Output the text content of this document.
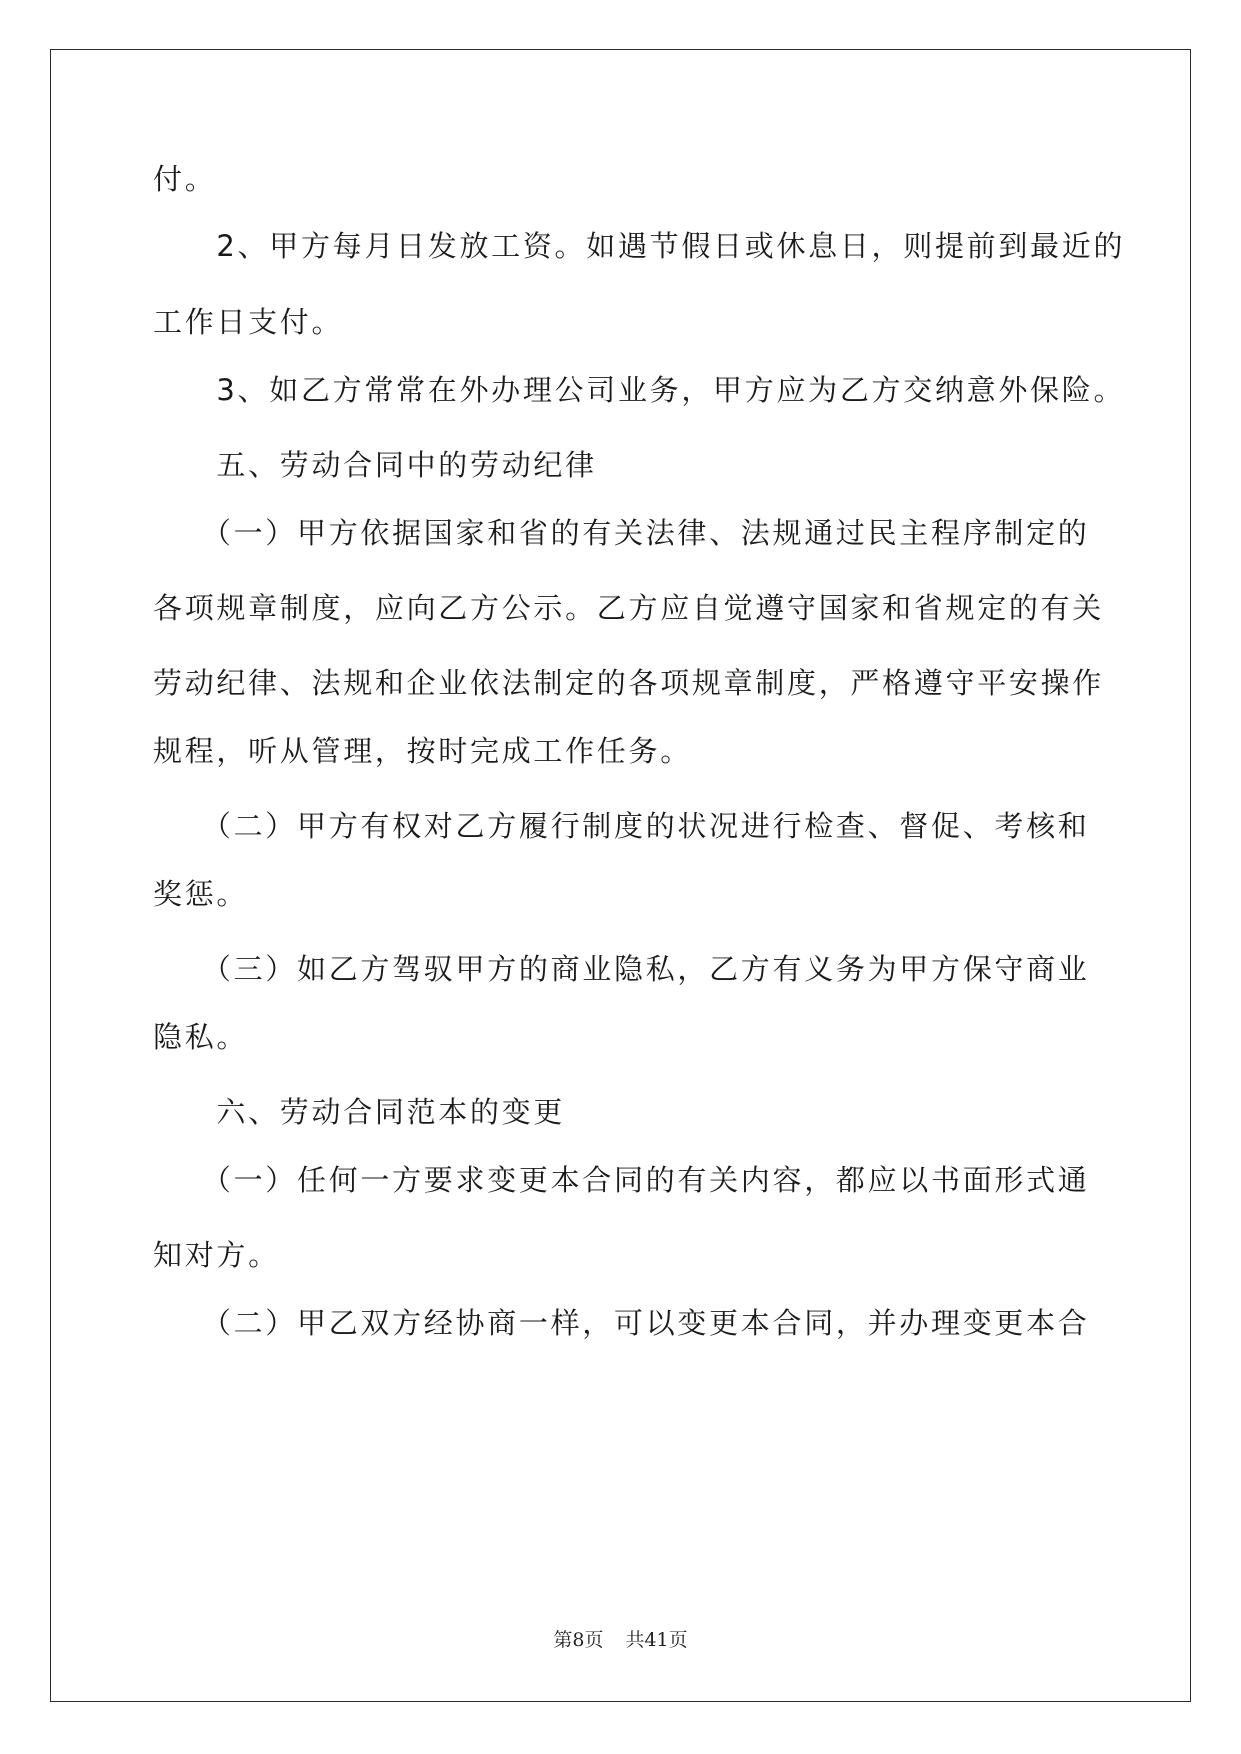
付。
　　2、甲方每月日发放工资。如遇节假日或休息日，则提前到最近的
工作日支付。
　　3、如乙方常常在外办理公司业务，甲方应为乙方交纳意外保险。
　　五、劳动合同中的劳动纪律
　　（一）甲方依据国家和省的有关法律、法规通过民主程序制定的
各项规章制度，应向乙方公示。乙方应自觉遵守国家和省规定的有关
劳动纪律、法规和企业依法制定的各项规章制度，严格遵守平安操作
规程，听从管理，按时完成工作任务。
　　（二）甲方有权对乙方履行制度的状况进行检查、督促、考核和
奖惩。
　　（三）如乙方驾驭甲方的商业隐私，乙方有义务为甲方保守商业
隐私。
　　六、劳动合同范本的变更
　　（一）任何一方要求变更本合同的有关内容，都应以书面形式通
知对方。
　　（二）甲乙双方经协商一样，可以变更本合同，并办理变更本合
第8页 共41页
